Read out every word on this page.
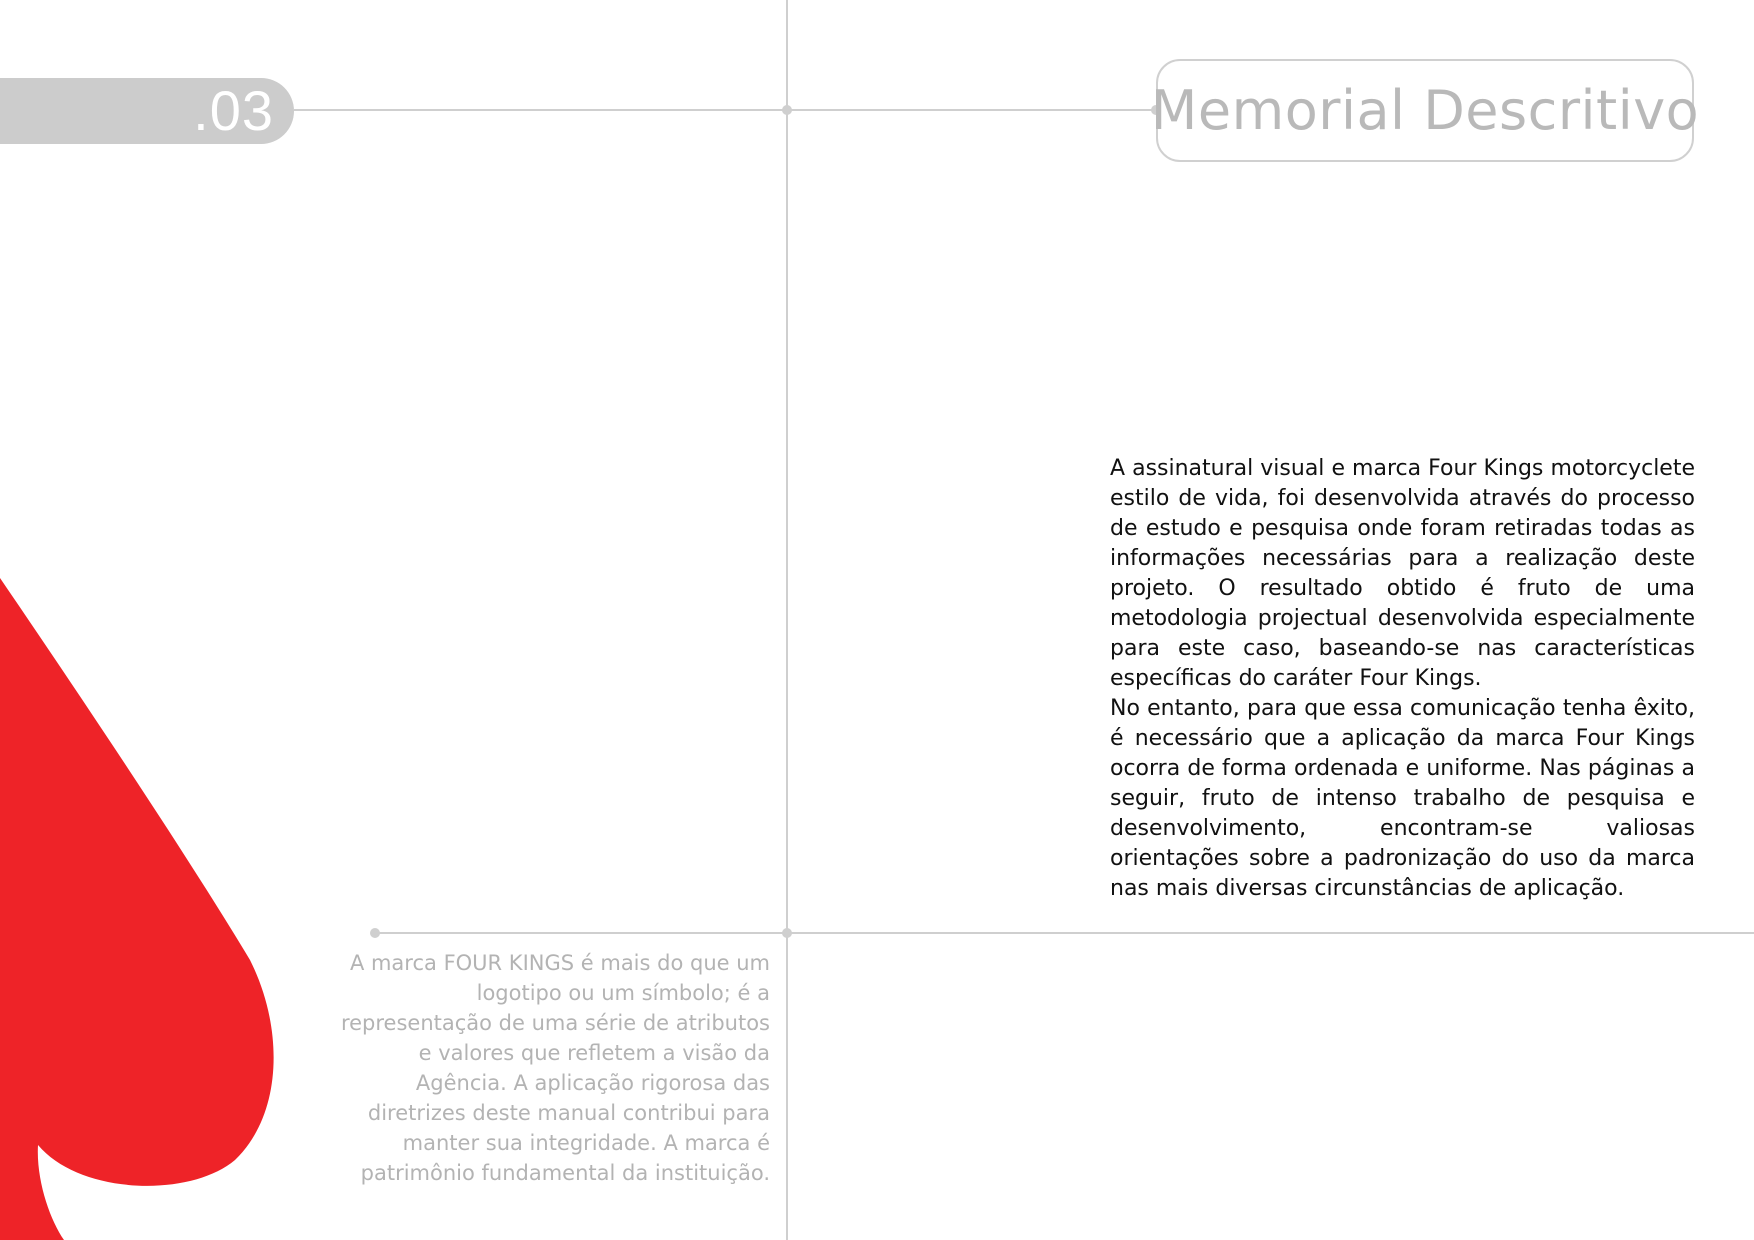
.03	Memorial Descritivo

A assinatural visual e marca Four Kings motorcyclete estilo de vida, foi desenvolvida através do processo de estudo e pesquisa onde foram retiradas todas as informações necessárias para a realização deste projeto. O resultado obtido é fruto de uma metodologia projectual desenvolvida especialmente para este caso, baseando-se nas características específicas do caráter Four Kings.

No entanto, para que essa comunicação tenha êxito, é necessário que a aplicação da marca Four Kings ocorra de forma ordenada e uniforme. Nas páginas a seguir, fruto de intenso trabalho de pesquisa e desenvolvimento, encontram-se valiosas orientações sobre a padronização do uso da marca nas mais diversas circunstâncias de aplicação.

A marca FOUR KINGS é mais do que um logotipo ou um símbolo; é a representação de uma série de atributos e valores que refletem a visão da Agência. A aplicação rigorosa das diretrizes deste manual contribui para manter sua integridade. A marca é patrimônio fundamental da instituição.
